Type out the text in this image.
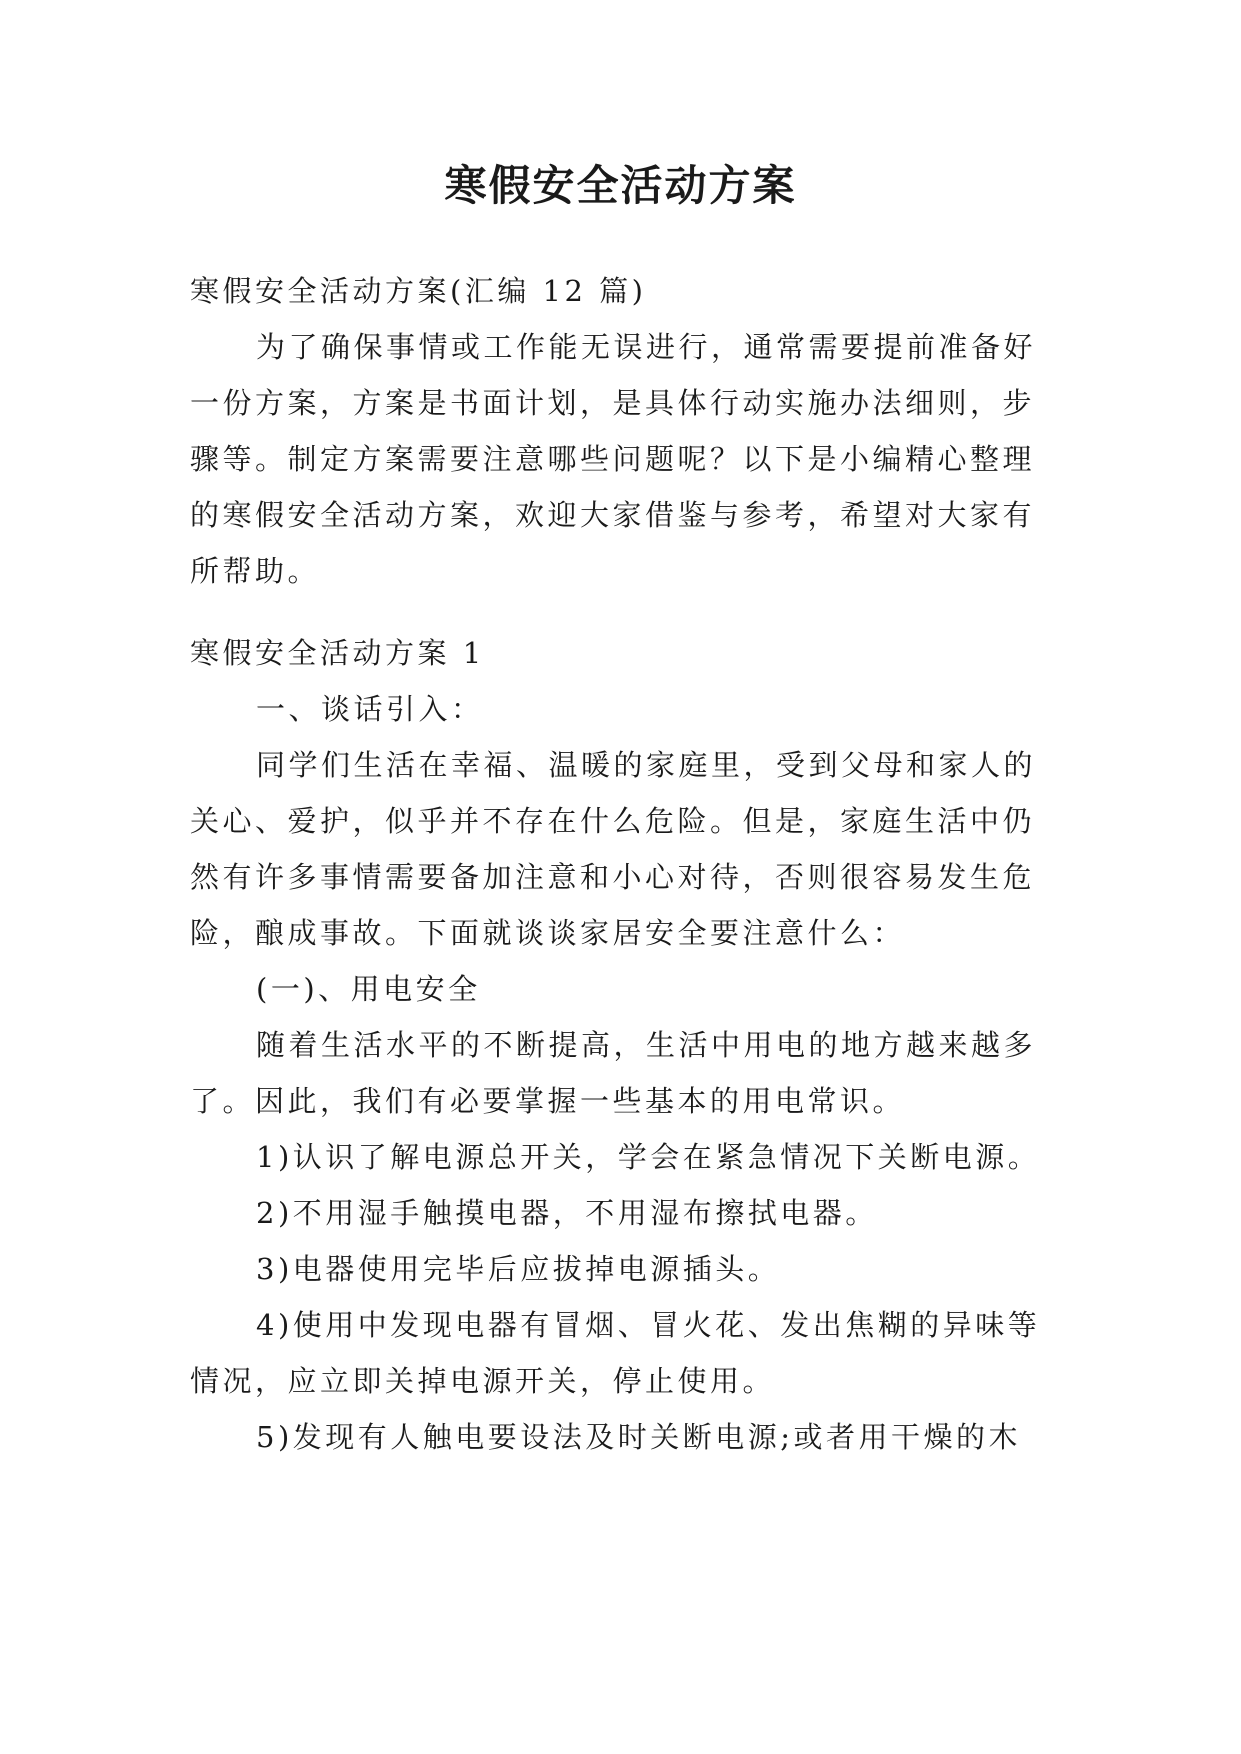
寒假安全活动方案
寒假安全活动方案(汇编 12 篇)
为了确保事情或工作能无误进行，通常需要提前准备好
一份方案，方案是书面计划，是具体行动实施办法细则，步
骤等。制定方案需要注意哪些问题呢？以下是小编精心整理
的寒假安全活动方案，欢迎大家借鉴与参考，希望对大家有
所帮助。
寒假安全活动方案 1
一、谈话引入：
同学们生活在幸福、温暖的家庭里，受到父母和家人的
关心、爱护，似乎并不存在什么危险。但是，家庭生活中仍
然有许多事情需要备加注意和小心对待，否则很容易发生危
险，酿成事故。下面就谈谈家居安全要注意什么：
(一)、用电安全
随着生活水平的不断提高，生活中用电的地方越来越多
了。因此，我们有必要掌握一些基本的用电常识。
1)认识了解电源总开关，学会在紧急情况下关断电源。
2)不用湿手触摸电器，不用湿布擦拭电器。
3)电器使用完毕后应拔掉电源插头。
4)使用中发现电器有冒烟、冒火花、发出焦糊的异味等
情况，应立即关掉电源开关，停止使用。
5)发现有人触电要设法及时关断电源;或者用干燥的木
